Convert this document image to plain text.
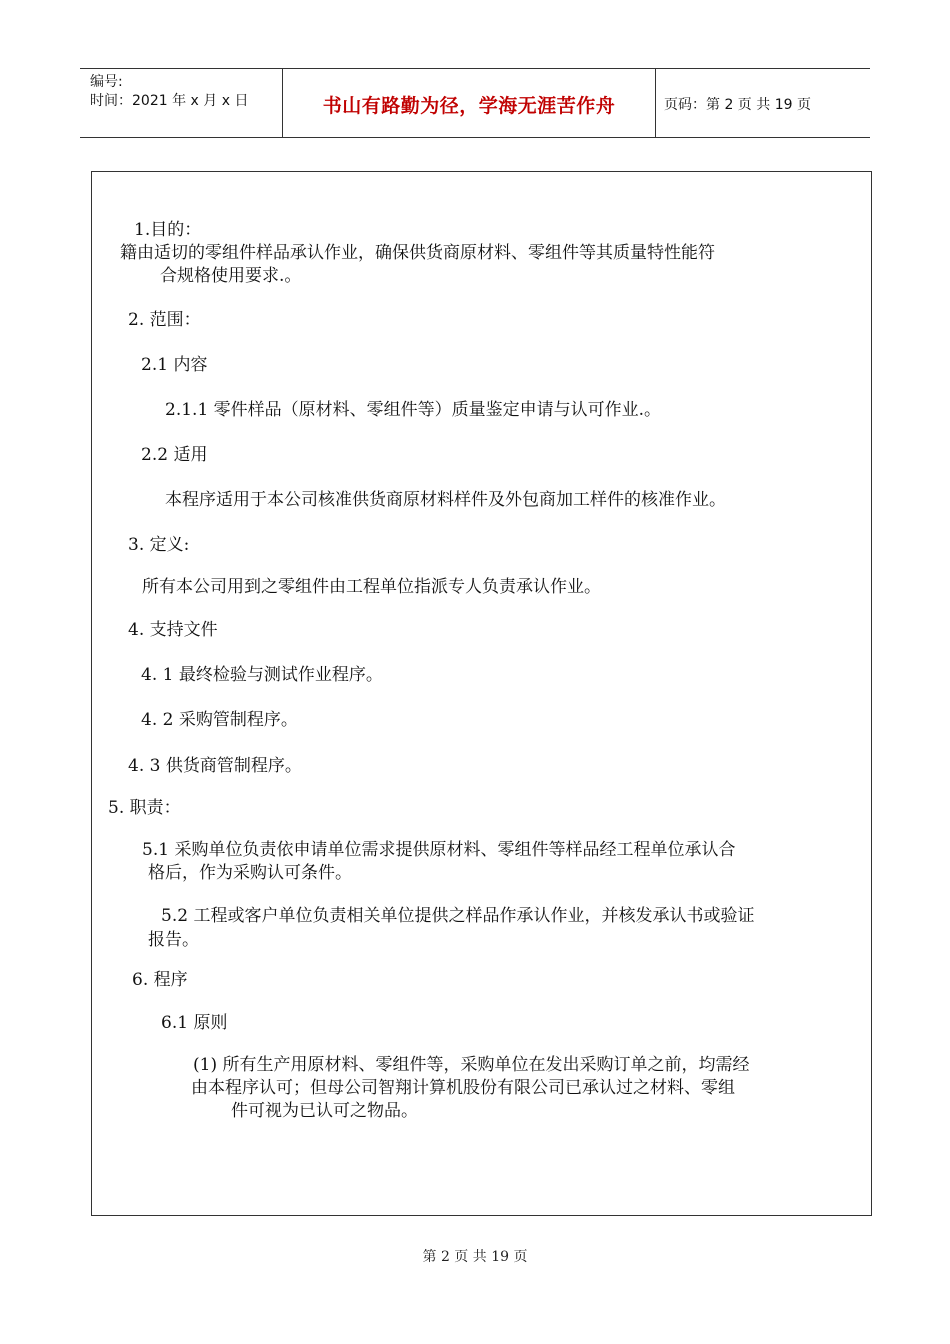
编号:
时间：2021 年 x 月 x 日	书山有路勤为径，学海无涯苦作舟	页码：第 2 页 共 19 页
1.目的：
籍由适切的零组件样品承认作业，确保供货商原材料、零组件等其质量特性能符
合规格使用要求.。
2. 范围：
2.1 内容
2.1.1 零件样品（原材料、零组件等）质量鉴定申请与认可作业.。
2.2 适用
本程序适用于本公司核准供货商原材料样件及外包商加工样件的核准作业。
3. 定义:
所有本公司用到之零组件由工程单位指派专人负责承认作业。
4. 支持文件
4. 1 最终检验与测试作业程序。
4. 2 采购管制程序。
4. 3 供货商管制程序。
5. 职责：
5.1 采购单位负责依申请单位需求提供原材料、零组件等样品经工程单位承认合
格后，作为采购认可条件。
5.2 工程或客户单位负责相关单位提供之样品作承认作业，并核发承认书或验证
报告。
6. 程序
6.1 原则
(1) 所有生产用原材料、零组件等，采购单位在发出采购订单之前，均需经
由本程序认可；但母公司智翔计算机股份有限公司已承认过之材料、零组
件可视为已认可之物品。
第 2 页 共 19 页
